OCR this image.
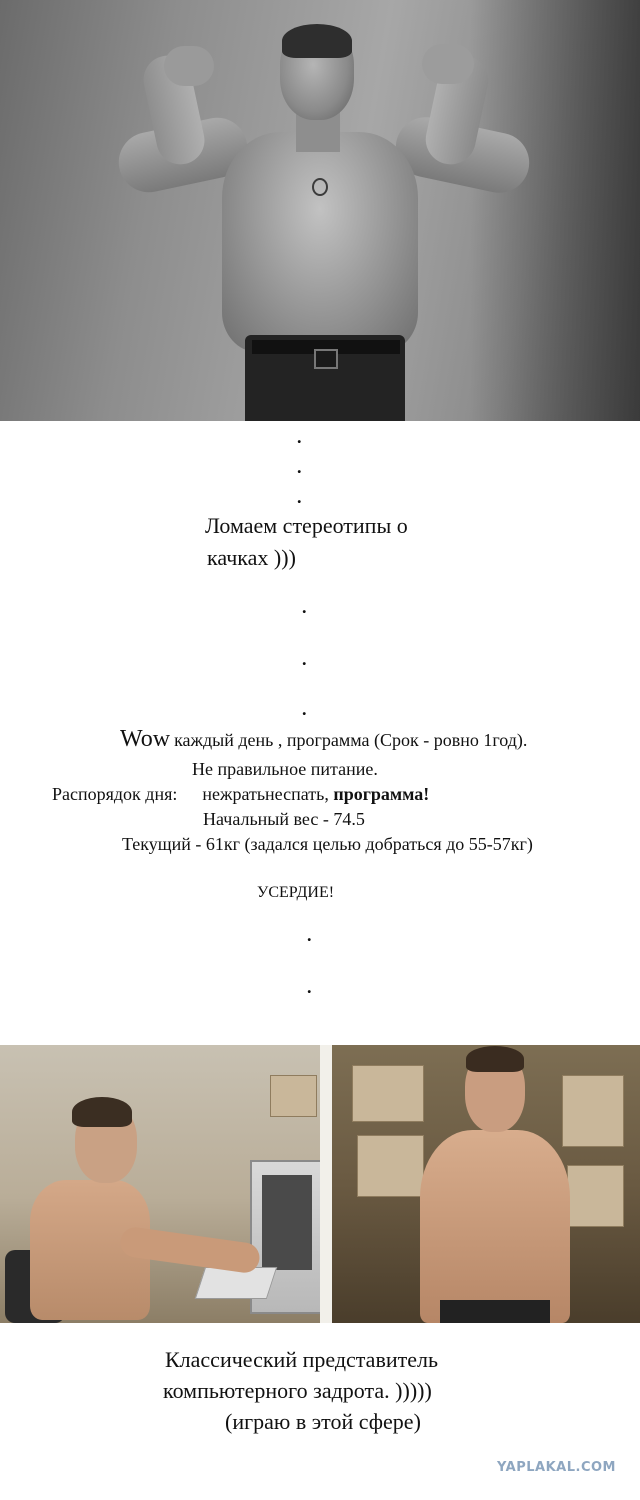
.
.
.
Ломаем стереотипы о
качках )))
.
.
.
Wow каждый день , программа (Срок - ровно 1год).
Не правильное питание.
Распорядок дня: нежратьнеспать, программа!
Начальный вес - 74.5
Текущий - 61кг (задался целью добраться до 55-57кг)
УСЕРДИЕ!
.
.
Классический представитель
компьютерного задрота. )))))
(играю в этой сфере)
YAPLAKAL.COM
